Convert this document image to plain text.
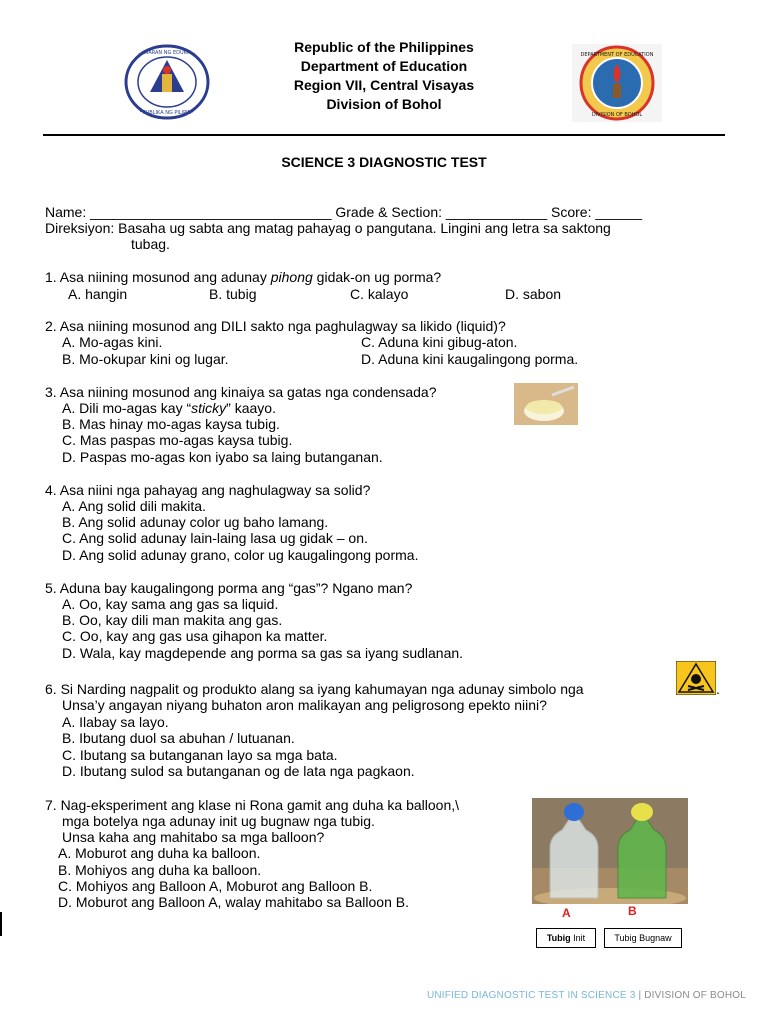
REPUBLIKA NG PILIPINAS
KAGAWARAN NG EDUKASYON	DEPARTMENT OF EDUCATION
DIVISION OF BOHOL
Republic of the Philippines
Department of Education
Region VII, Central Visayas
Division of Bohol
SCIENCE 3 DIAGNOSTIC TEST
Name: _______________________________ Grade & Section: _____________ Score: ______
Direksiyon: Basaha ug sabta ang matag pahayag o pangutana. Lingini ang letra sa saktong
tubag.
1. Asa niining mosunod ang adunay pihong gidak-on ug porma?
A. hangin	B. tubig	C. kalayo	D. sabon
2. Asa niining mosunod ang DILI sakto nga paghulagway sa likido (liquid)?
A. Mo-agas kini.	C. Aduna kini gibug-aton.
B. Mo-okupar kini og lugar.	D. Aduna kini kaugalingong porma.
3. Asa niining mosunod ang kinaiya sa gatas nga condensada?
A. Dili mo-agas kay “sticky” kaayo.
B. Mas hinay mo-agas kaysa tubig.
C. Mas paspas mo-agas kaysa tubig.
D. Paspas mo-agas kon iyabo sa laing butanganan.
4. Asa niini nga pahayag ang naghulagway sa solid?
A. Ang solid dili makita.
B. Ang solid adunay color ug baho lamang.
C. Ang solid adunay lain-laing lasa ug gidak – on.
D. Ang solid adunay grano, color ug kaugalingong porma.
5. Aduna bay kaugalingong porma ang “gas”? Ngano man?
A. Oo, kay sama ang gas sa liquid.
B. Oo, kay dili man makita ang gas.
C. Oo, kay ang gas usa gihapon ka matter.
D. Wala, kay magdepende ang porma sa gas sa iyang sudlanan.
6. Si Narding nagpalit og produkto alang sa iyang kahumayan nga adunay simbolo nga	.
Unsa’y angayan niyang buhaton aron malikayan ang peligrosong epekto niini?
A. Ilabay sa layo.
B. Ibutang duol sa abuhan / lutuanan.
C. Ibutang sa butanganan layo sa mga bata.
D. Ibutang sulod sa butanganan og de lata nga pagkaon.
7. Nag-eksperiment ang klase ni Rona gamit ang duha ka balloon,\
mga botelya nga adunay init ug bugnaw nga tubig.
Unsa kaha ang mahitabo sa mga balloon?
A. Moburot ang duha ka balloon.
B. Mohiyos ang duha ka balloon.
C. Mohiyos ang Balloon A, Moburot ang Balloon B.
D. Moburot ang Balloon A, walay mahitabo sa Balloon B.
A	B
Tubig Init	Tubig Bugnaw
UNIFIED DIAGNOSTIC TEST IN SCIENCE 3 | DIVISION OF BOHOL
